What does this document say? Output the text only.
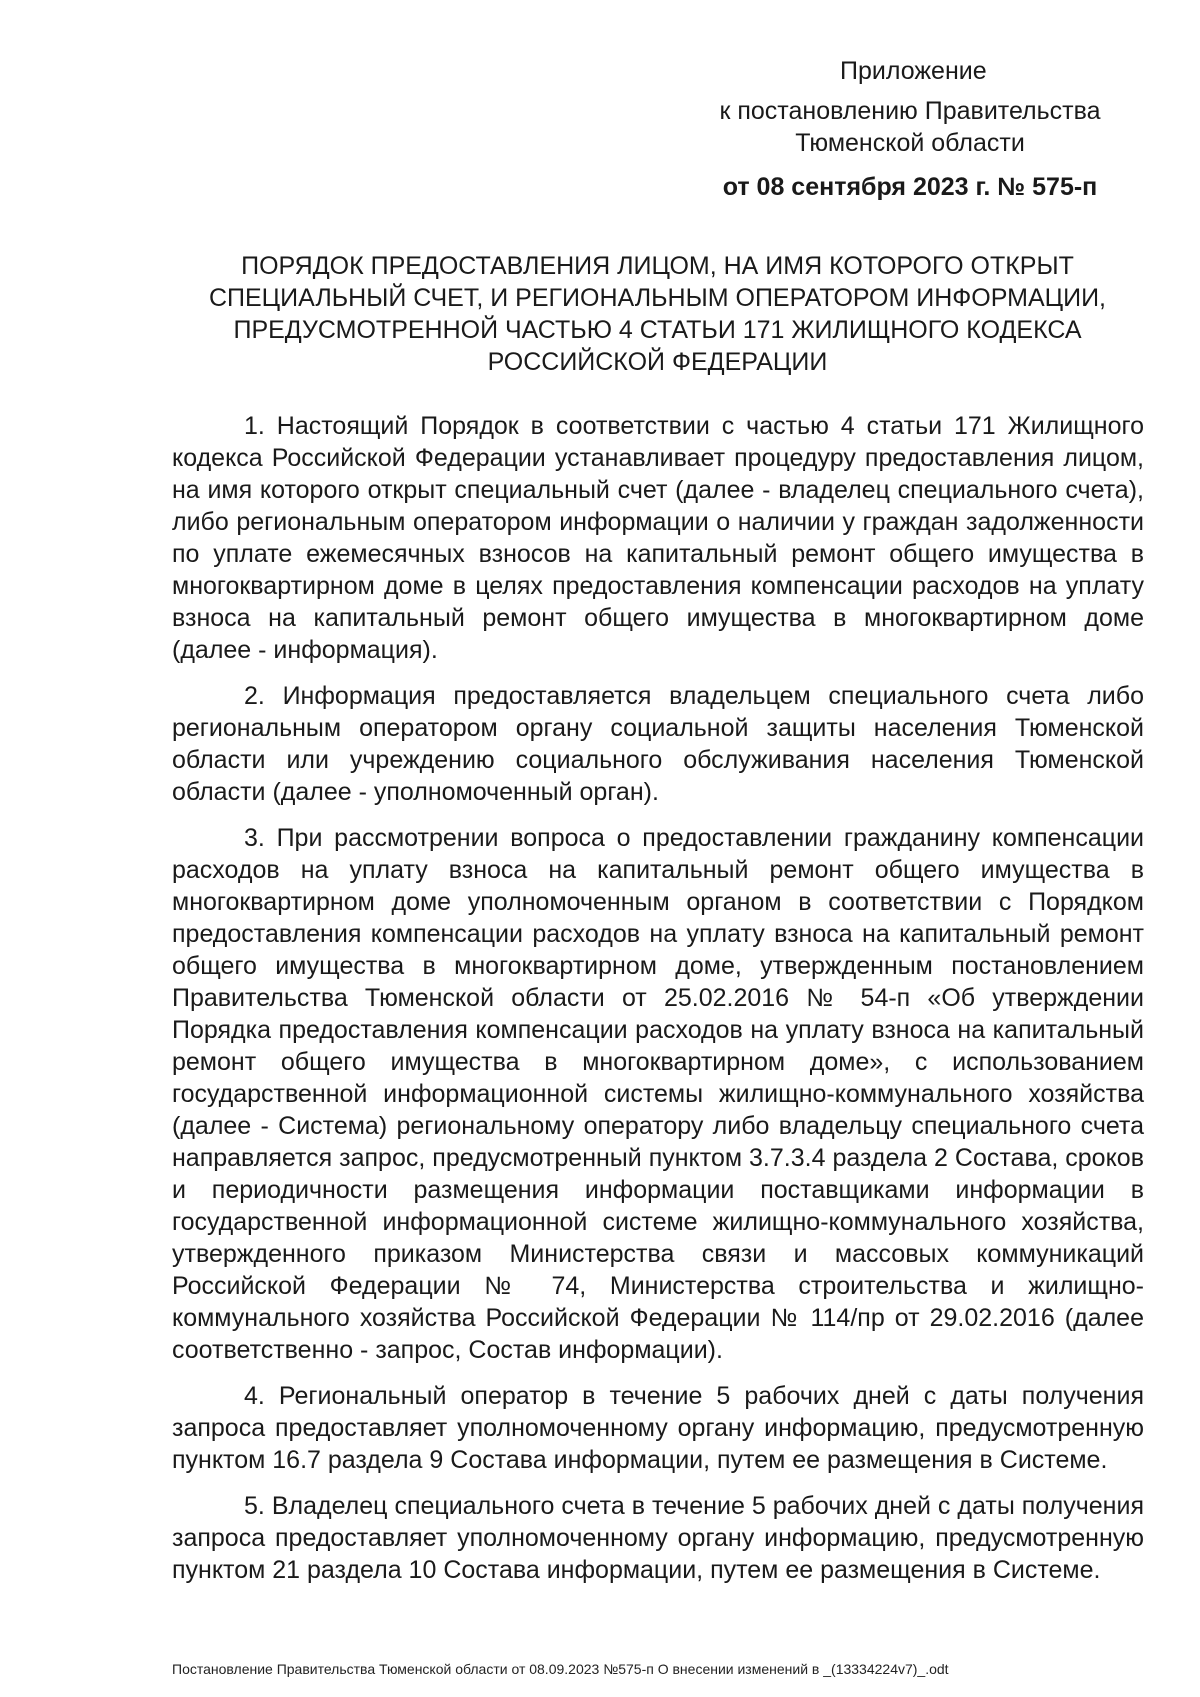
Приложение
к постановлению Правительства
Тюменской области
от 08 сентября 2023 г. № 575-п
ПОРЯДОК ПРЕДОСТАВЛЕНИЯ ЛИЦОМ, НА ИМЯ КОТОРОГО ОТКРЫТ СПЕЦИАЛЬНЫЙ СЧЕТ, И РЕГИОНАЛЬНЫМ ОПЕРАТОРОМ ИНФОРМАЦИИ, ПРЕДУСМОТРЕННОЙ ЧАСТЬЮ 4 СТАТЬИ 171 ЖИЛИЩНОГО КОДЕКСА РОССИЙСКОЙ ФЕДЕРАЦИИ

1. Настоящий Порядок в соответствии с частью 4 статьи 171 Жилищного кодекса Российской Федерации устанавливает процедуру предоставления лицом, на имя которого открыт специальный счет (далее - владелец специального счета), либо региональным оператором информации о наличии у граждан задолженности по уплате ежемесячных взносов на капитальный ремонт общего имущества в многоквартирном доме в целях предоставления компенсации расходов на уплату взноса на капитальный ремонт общего имущества в многоквартирном доме (далее - информация).

2. Информация предоставляется владельцем специального счета либо региональным оператором органу социальной защиты населения Тюменской области или учреждению социального обслуживания населения Тюменской области (далее - уполномоченный орган).

3. При рассмотрении вопроса о предоставлении гражданину компенсации расходов на уплату взноса на капитальный ремонт общего имущества в многоквартирном доме уполномоченным органом в соответствии с Порядком предоставления компенсации расходов на уплату взноса на капитальный ремонт общего имущества в многоквартирном доме, утвержденным постановлением Правительства Тюменской области от 25.02.2016 № 54-п «Об утверждении Порядка предоставления компенсации расходов на уплату взноса на капитальный ремонт общего имущества в многоквартирном доме», с использованием государственной информационной системы жилищно-коммунального хозяйства (далее - Система) региональному оператору либо владельцу специального счета направляется запрос, предусмотренный пунктом 3.7.3.4 раздела 2 Состава, сроков и периодичности размещения информации поставщиками информации в государственной информационной системе жилищно-коммунального хозяйства, утвержденного приказом Министерства связи и массовых коммуникаций Российской Федерации № 74, Министерства строительства и жилищно-коммунального хозяйства Российской Федерации № 114/пр от 29.02.2016 (далее соответственно - запрос, Состав информации).

4. Региональный оператор в течение 5 рабочих дней с даты получения запроса предоставляет уполномоченному органу информацию, предусмотренную пунктом 16.7 раздела 9 Состава информации, путем ее размещения в Системе.

5. Владелец специального счета в течение 5 рабочих дней с даты получения запроса предоставляет уполномоченному органу информацию, предусмотренную пунктом 21 раздела 10 Состава информации, путем ее размещения в Системе.

Постановление Правительства Тюменской области от 08.09.2023 №575-п О внесении изменений в _(13334224v7)_.odt
